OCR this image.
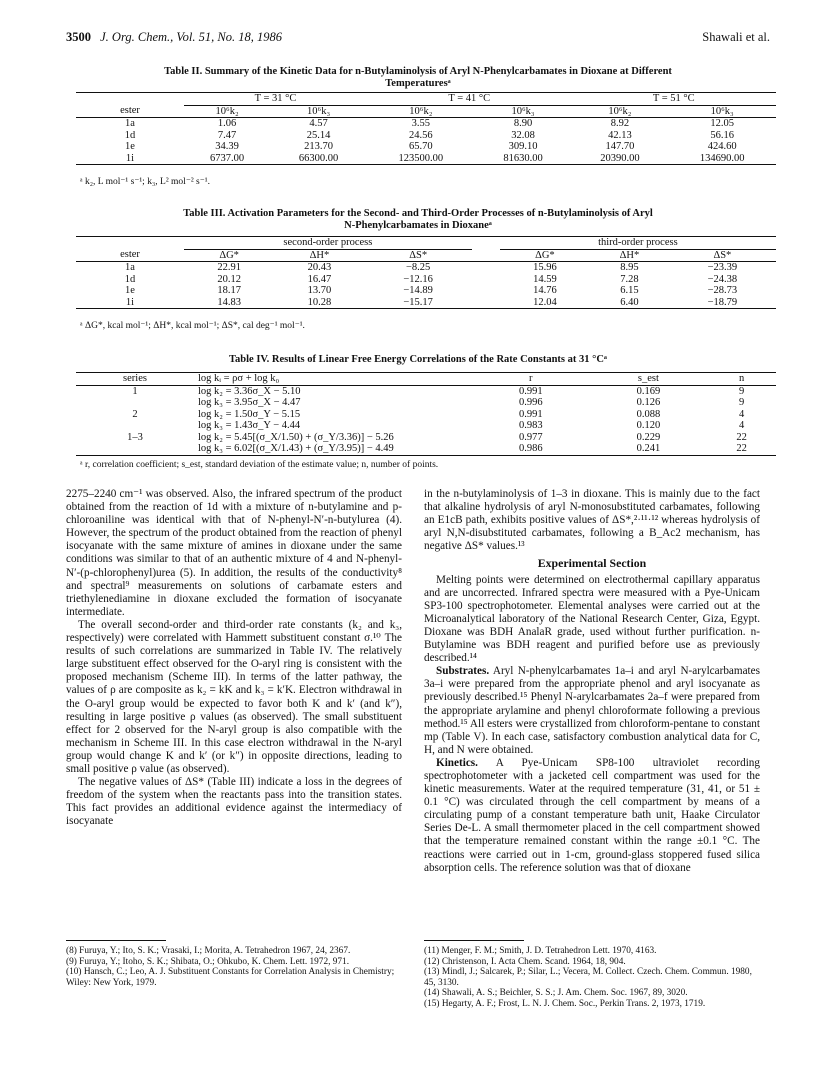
3500 J. Org. Chem., Vol. 51, No. 18, 1986	Shawali et al.
Table II. Summary of the Kinetic Data for n-Butylaminolysis of Aryl N-Phenylcarbamates in Dioxane at Different
Temperaturesᵃ
	T = 31 °C		T = 41 °C		T = 51 °C	
ester	10⁶k₂	10⁶k₃	10⁶k₂	10⁶k₃	10⁶k₂	10⁶k₃
1a	1.06	4.57	3.55	8.90	8.92	12.05
1d	7.47	25.14	24.56	32.08	42.13	56.16
1e	34.39	213.70	65.70	309.10	147.70	424.60
1i	6737.00	66300.00	123500.00	81630.00	20390.00	134690.00
ᵃ k₂, L mol⁻¹ s⁻¹; k₃, L² mol⁻² s⁻¹.
Table III. Activation Parameters for the Second- and Third-Order Processes of n-Butylaminolysis of Aryl
N-Phenylcarbamates in Dioxaneᵃ
	second-order process				third-order process		
ester	ΔG*	ΔH*	ΔS*		ΔG*	ΔH*	ΔS*
1a	22.91	20.43	−8.25		15.96	8.95	−23.39
1d	20.12	16.47	−12.16		14.59	7.28	−24.38
1e	18.17	13.70	−14.89		14.76	6.15	−28.73
1i	14.83	10.28	−15.17		12.04	6.40	−18.79
ᵃ ΔG*, kcal mol⁻¹; ΔH*, kcal mol⁻¹; ΔS*, cal deg⁻¹ mol⁻¹.
Table IV. Results of Linear Free Energy Correlations of the Rate Constants at 31 °Cᵃ
series	log kᵢ = ρσ + log k₀	r	s_est	n
1	log k₂ = 3.36σ_X − 5.10	0.991	0.169	9
	log k₃ = 3.95σ_X − 4.47	0.996	0.126	9
2	log k₂ = 1.50σ_Y − 5.15	0.991	0.088	4
	log k₃ = 1.43σ_Y − 4.44	0.983	0.120	4
1–3	log k₂ = 5.45[(σ_X/1.50) + (σ_Y/3.36)] − 5.26	0.977	0.229	22
	log k₃ = 6.02[(σ_X/1.43) + (σ_Y/3.95)] − 4.49	0.986	0.241	22
ᵃ r, correlation coefficient; s_est, standard deviation of the estimate value; n, number of points.

2275–2240 cm⁻¹ was observed. Also, the infrared spectrum of the product obtained from the reaction of 1d with a mixture of n-butylamine and p-chloroaniline was identical with that of N-phenyl-N′-n-butylurea (4). However, the spectrum of the product obtained from the reaction of phenyl isocyanate with the same mixture of amines in dioxane under the same conditions was similar to that of an authentic mixture of 4 and N-phenyl-N′-(p-chlorophenyl)urea (5). In addition, the results of the conductivity⁸ and spectral⁹ measurements on solutions of carbamate esters and triethylenediamine in dioxane excluded the formation of isocyanate intermediate.

The overall second-order and third-order rate constants (k₂ and k₃, respectively) were correlated with Hammett substituent constant σ.¹⁰ The results of such correlations are summarized in Table IV. The relatively large substituent effect observed for the O-aryl ring is consistent with the proposed mechanism (Scheme III). In terms of the latter pathway, the values of ρ are composite as k₂ = kK and k₃ = k′K. Electron withdrawal in the O-aryl group would be expected to favor both K and k′ (and k″), resulting in large positive ρ values (as observed). The small substituent effect for 2 observed for the N-aryl group is also compatible with the mechanism in Scheme III. In this case electron withdrawal in the N-aryl group would change K and k′ (or k″) in opposite directions, leading to small positive ρ value (as observed).

The negative values of ΔS* (Table III) indicate a loss in the degrees of freedom of the system when the reactants pass into the transition states. This fact provides an additional evidence against the intermediacy of isocyanate

in the n-butylaminolysis of 1–3 in dioxane. This is mainly due to the fact that alkaline hydrolysis of aryl N-monosubstituted carbamates, following an E1cB path, exhibits positive values of ΔS*,²·¹¹·¹² whereas hydrolysis of aryl N,N-disubstituted carbamates, following a B_Ac2 mechanism, has negative ΔS* values.¹³

Experimental Section

Melting points were determined on electrothermal capillary apparatus and are uncorrected. Infrared spectra were measured with a Pye-Unicam SP3-100 spectrophotometer. Elemental analyses were carried out at the Microanalytical laboratory of the National Research Center, Giza, Egypt. Dioxane was BDH AnalaR grade, used without further purification. n-Butylamine was BDH reagent and purified before use as previously described.¹⁴

Substrates. Aryl N-phenylcarbamates 1a–i and aryl N-arylcarbamates 3a–i were prepared from the appropriate phenol and aryl isocyanate as previously described.¹⁵ Phenyl N-arylcarbamates 2a–f were prepared from the appropriate arylamine and phenyl chloroformate following a previous method.¹⁵ All esters were crystallized from chloroform-pentane to constant mp (Table V). In each case, satisfactory combustion analytical data for C, H, and N were obtained.

Kinetics. A Pye-Unicam SP8-100 ultraviolet recording spectrophotometer with a jacketed cell compartment was used for the kinetic measurements. Water at the required temperature (31, 41, or 51 ± 0.1 °C) was circulated through the cell compartment by means of a circulating pump of a constant temperature bath unit, Haake Circulator Series De-L. A small thermometer placed in the cell compartment showed that the temperature remained constant within the range ±0.1 °C. The reactions were carried out in 1-cm, ground-glass stoppered fused silica absorption cells. The reference solution was that of dioxane

(8) Furuya, Y.; Ito, S. K.; Vrasaki, I.; Morita, A. Tetrahedron 1967, 24, 2367.
(9) Furuya, Y.; Itoho, S. K.; Shibata, O.; Ohkubo, K. Chem. Lett. 1972, 971.
(10) Hansch, C.; Leo, A. J. Substituent Constants for Correlation Analysis in Chemistry; Wiley: New York, 1979.
(11) Menger, F. M.; Smith, J. D. Tetrahedron Lett. 1970, 4163.
(12) Christenson, I. Acta Chem. Scand. 1964, 18, 904.
(13) Mindl, J.; Salcarek, P.; Silar, L.; Vecera, M. Collect. Czech. Chem. Commun. 1980, 45, 3130.
(14) Shawali, A. S.; Beichler, S. S.; J. Am. Chem. Soc. 1967, 89, 3020.
(15) Hegarty, A. F.; Frost, L. N. J. Chem. Soc., Perkin Trans. 2, 1973, 1719.
